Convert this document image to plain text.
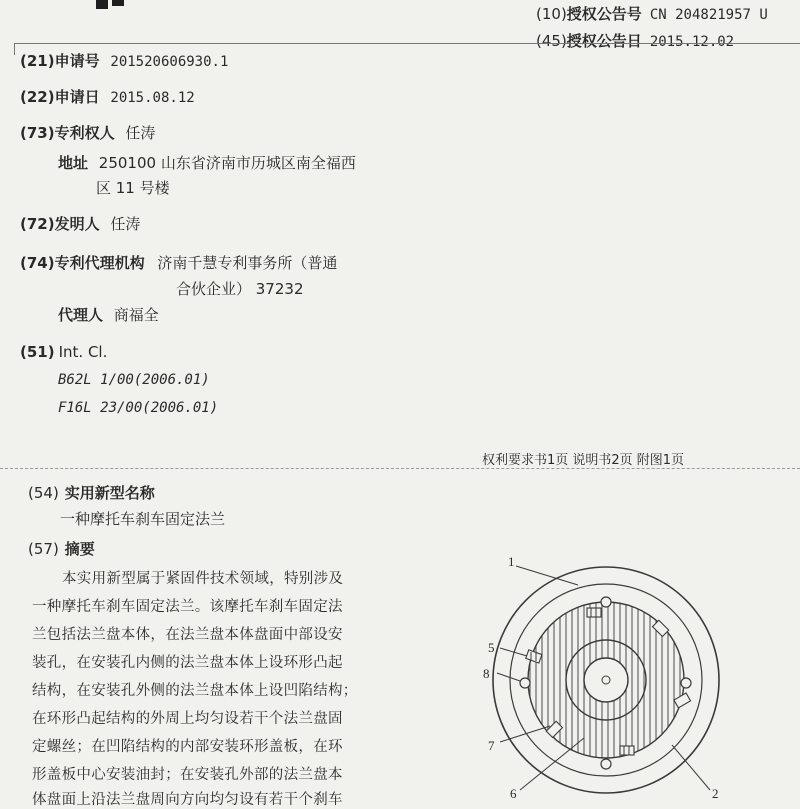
(10)授权公告号 CN 204821957 U
(45)授权公告日 2015.12.02
(21)申请号 201520606930.1
(22)申请日 2015.08.12
(73)专利权人 任涛
地址 250100 山东省济南市历城区南全福西
区 11 号楼
(72)发明人 任涛
(74)专利代理机构 济南千慧专利事务所（普通
合伙企业） 37232
代理人 商福全
(51) Int. Cl.
B62L 1/00(2006.01)
F16L 23/00(2006.01)
权利要求书1页 说明书2页 附图1页
(54) 实用新型名称
一种摩托车刹车固定法兰
(57) 摘要
本实用新型属于紧固件技术领域，特别涉及
一种摩托车刹车固定法兰。该摩托车刹车固定法
兰包括法兰盘本体，在法兰盘本体盘面中部设安
装孔，在安装孔内侧的法兰盘本体上设环形凸起
结构，在安装孔外侧的法兰盘本体上设凹陷结构；
在环形凸起结构的外周上均匀设若干个法兰盘固
定螺丝；在凹陷结构的内部安装环形盖板，在环
形盖板中心安装油封；在安装孔外部的法兰盘本
体盘面上沿法兰盘周向方向均匀设有若干个刹车
1
5
8
7
6	2
